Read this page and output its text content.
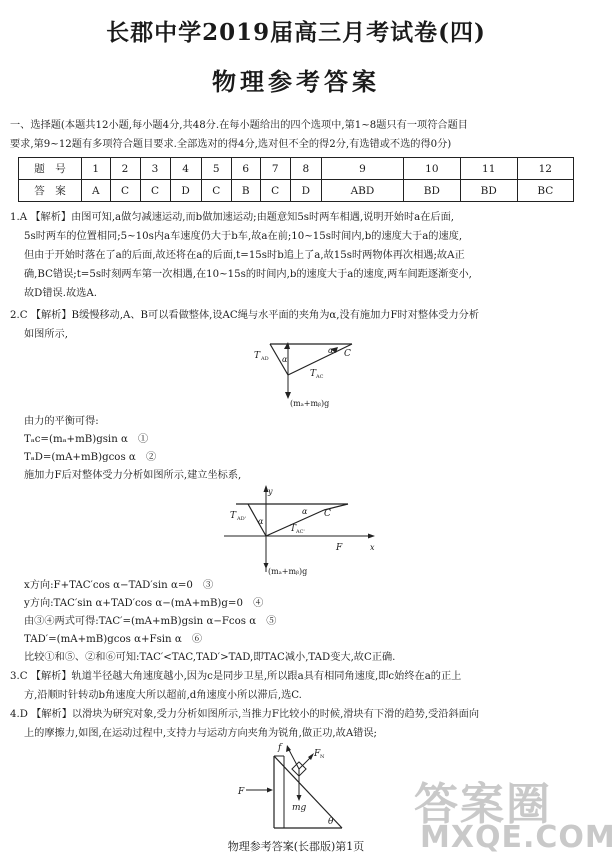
长郡中学2019届高三月考试卷(四)
物理参考答案
一、选择题(本题共12小题,每小题4分,共48分.在每小题给出的四个选项中,第1~8题只有一项符合题目
要求,第9~12题有多项符合题目要求.全部选对的得4分,选对但不全的得2分,有选错或不选的得0分)
题　号	1	2	3	4	5	6	7	8	9	10	11	12
答　案	A	C	C	D	C	B	C	D	ABD	BD	BD	BC
1.A 【解析】由图可知,a做匀减速运动,而b做加速运动;由题意知5s时两车相遇,说明开始时a在后面,
5s时两车的位置相同;5~10s内a车速度仍大于b车,故a在前;10~15s时间内,b的速度大于a的速度,
但由于开始时落在了a的后面,故还将在a的后面,t=15s时b追上了a,故15s时两物体再次相遇;故A正
确,BC错误;t=5s时刻两车第一次相遇,在10~15s的时间内,b的速度大于a的速度,两车间距逐渐变小,
故D错误.故选A.
2.C 【解析】B缓慢移动,A、B可以看做整体,设AC绳与水平面的夹角为α,没有施加力F时对整体受力分析
如图所示,
T AD α
α C
T AC
(mₐ+mᵦ)g
由力的平衡可得:
Tₐc=(mₐ+mB)gsin α　①
TₐD=(mA+mB)gcos α　②
施加力F后对整体受力分析如图所示,建立坐标系,
y
T AD' α
α C
T AC'
F	x
(mₐ+mᵦ)g
x方向:F+TAC′cos α−TAD′sin α=0　③
y方向:TAC′sin α+TAD′cos α−(mA+mB)g=0　④
由③④两式可得:TAC′=(mA+mB)gsin α−Fcos α　⑤
TAD′=(mA+mB)gcos α+Fsin α　⑥
比较①和⑤、②和⑥可知:TAC′<TAC,TAD′>TAD,即TAC减小,TAD变大,故C正确.
3.C 【解析】轨道半径越大角速度越小,因为c是同步卫星,所以跟a具有相同角速度,即c始终在a的正上
方,沿顺时针转动b角速度大所以超前,d角速度小所以滞后,选C.
4.D 【解析】以滑块为研究对象,受力分析如图所示,当推力F比较小的时候,滑块有下滑的趋势,受沿斜面向
上的摩擦力,如图,在运动过程中,支持力与运动方向夹角为锐角,做正功,故A错误;
f
F N
F
mg
θ 答案圈
MXQE.COM
物理参考答案(长郡版)第1页
